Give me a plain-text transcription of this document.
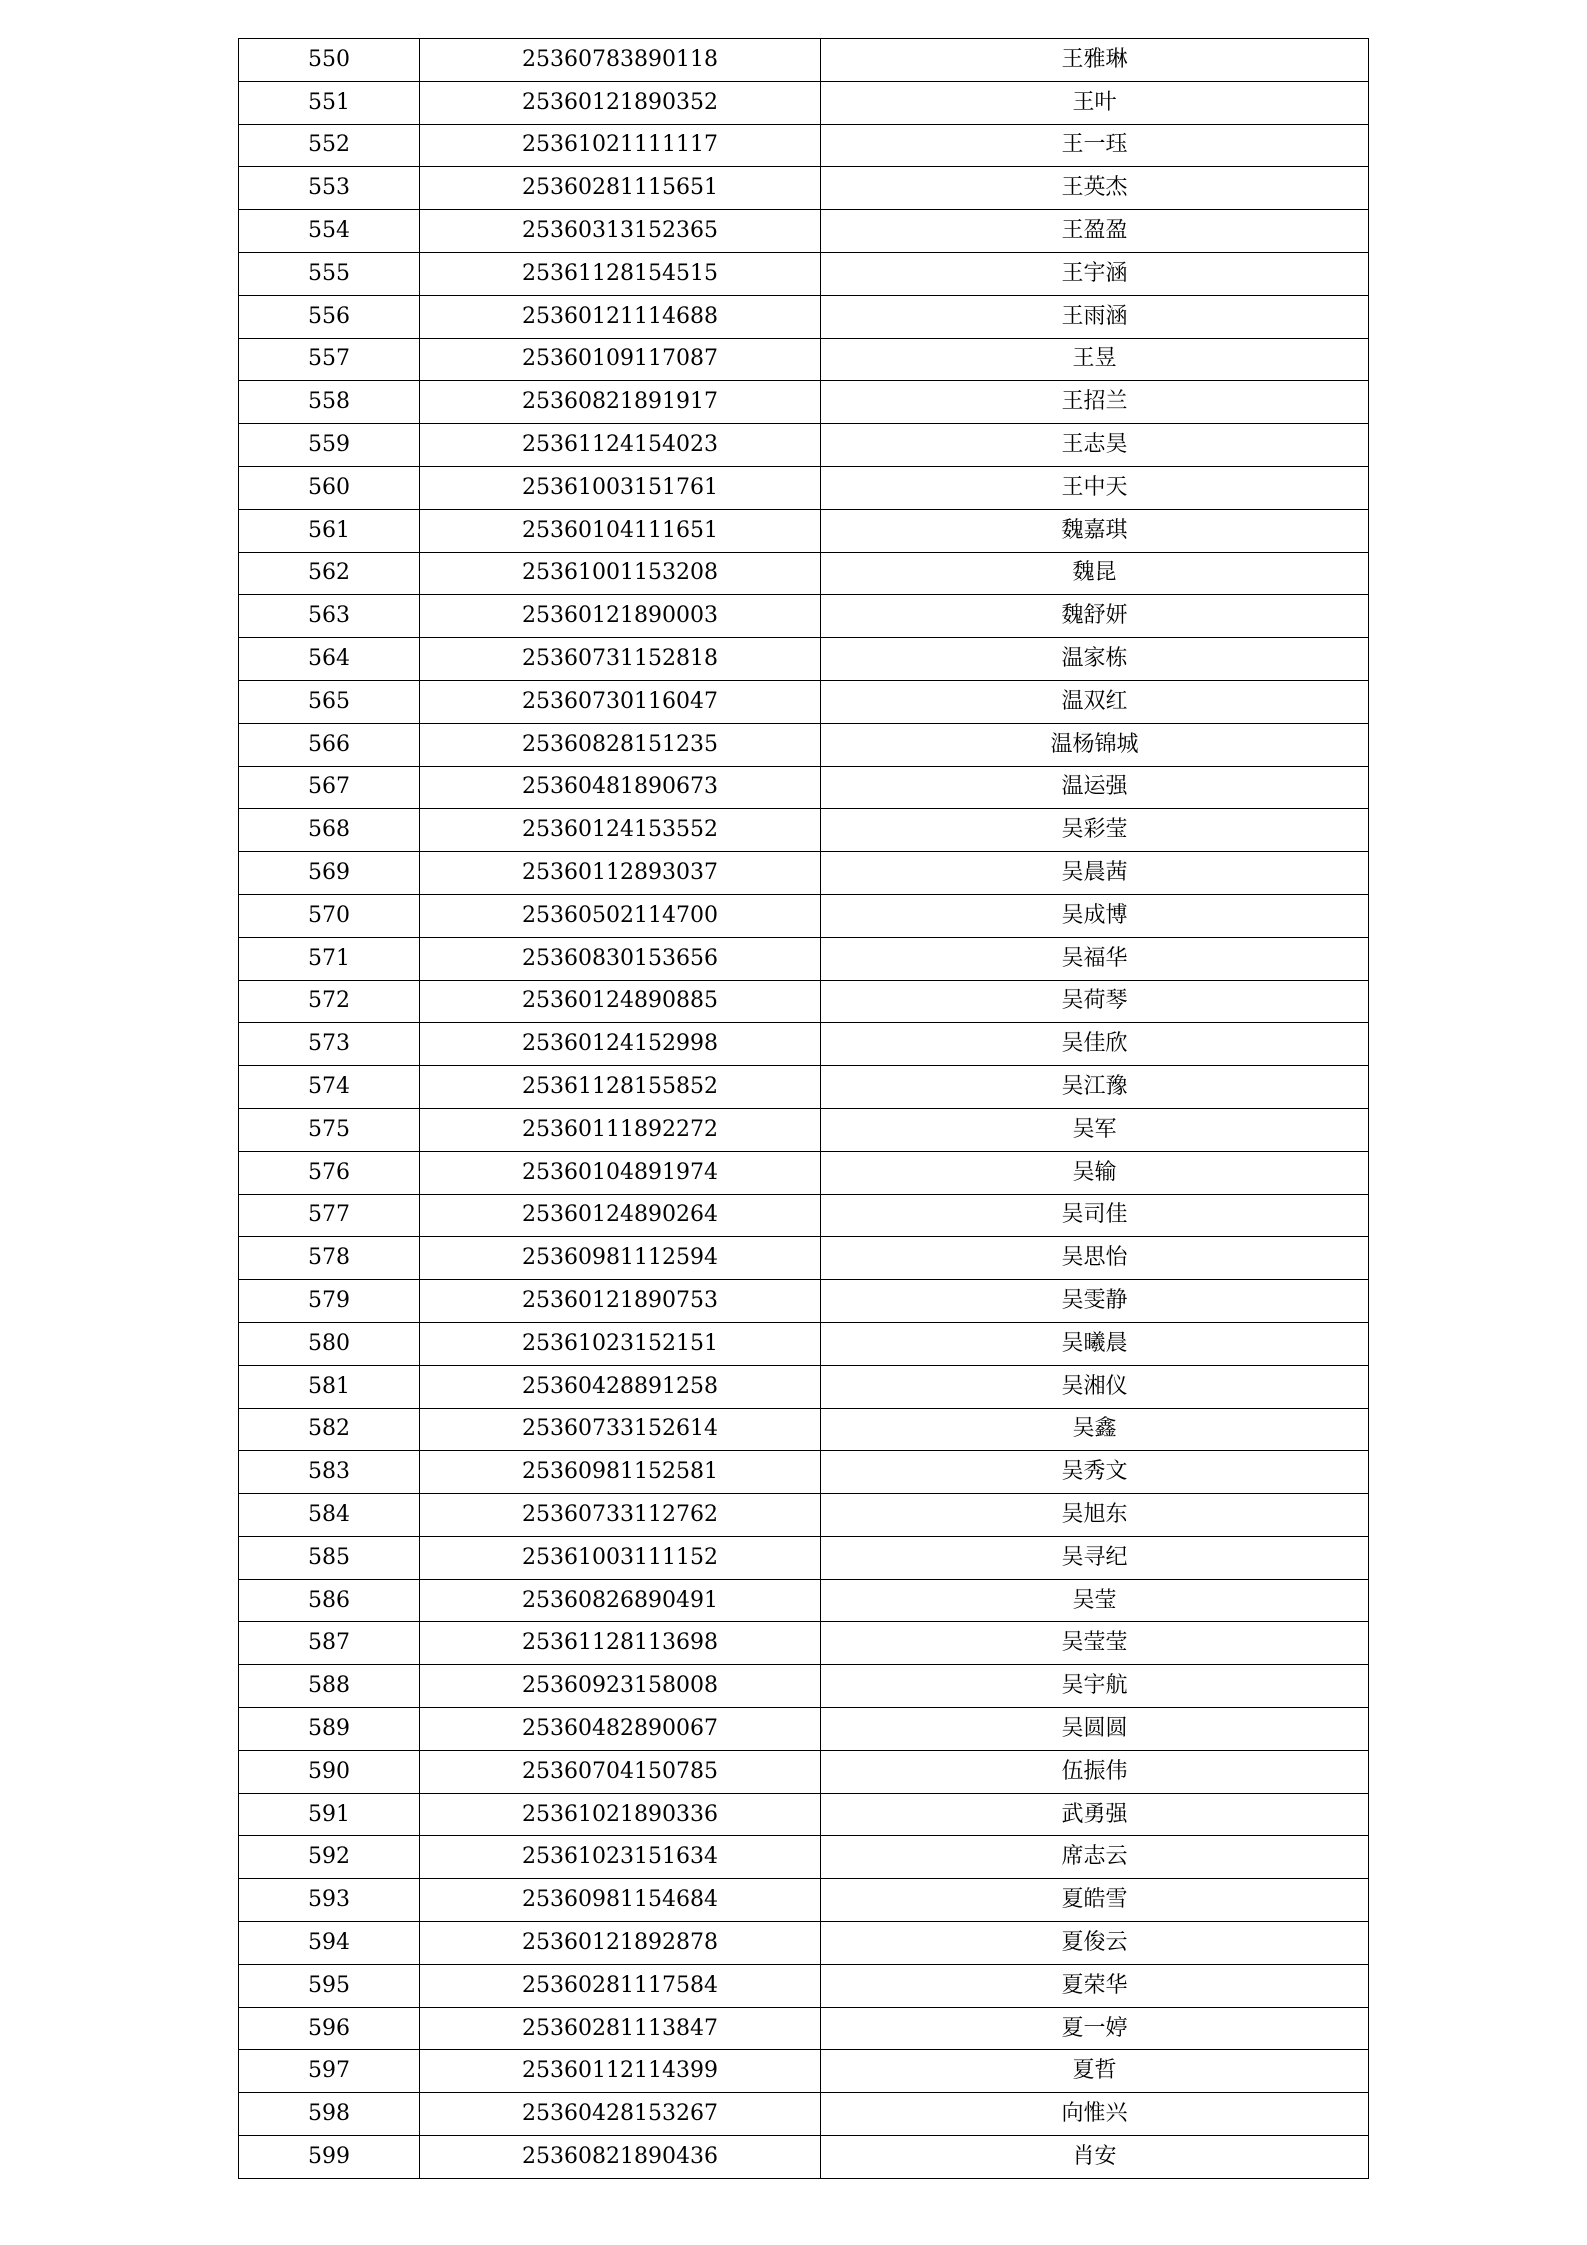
550	25360783890118	王雅琳
551	25360121890352	王叶
552	25361021111117	王一珏
553	25360281115651	王英杰
554	25360313152365	王盈盈
555	25361128154515	王宇涵
556	25360121114688	王雨涵
557	25360109117087	王昱
558	25360821891917	王招兰
559	25361124154023	王志昊
560	25361003151761	王中天
561	25360104111651	魏嘉琪
562	25361001153208	魏昆
563	25360121890003	魏舒妍
564	25360731152818	温家栋
565	25360730116047	温双红
566	25360828151235	温杨锦城
567	25360481890673	温运强
568	25360124153552	吴彩莹
569	25360112893037	吴晨茜
570	25360502114700	吴成博
571	25360830153656	吴福华
572	25360124890885	吴荷琴
573	25360124152998	吴佳欣
574	25361128155852	吴江豫
575	25360111892272	吴军
576	25360104891974	吴输
577	25360124890264	吴司佳
578	25360981112594	吴思怡
579	25360121890753	吴雯静
580	25361023152151	吴曦晨
581	25360428891258	吴湘仪
582	25360733152614	吴鑫
583	25360981152581	吴秀文
584	25360733112762	吴旭东
585	25361003111152	吴寻纪
586	25360826890491	吴莹
587	25361128113698	吴莹莹
588	25360923158008	吴宇航
589	25360482890067	吴圆圆
590	25360704150785	伍振伟
591	25361021890336	武勇强
592	25361023151634	席志云
593	25360981154684	夏皓雪
594	25360121892878	夏俊云
595	25360281117584	夏荣华
596	25360281113847	夏一婷
597	25360112114399	夏哲
598	25360428153267	向惟兴
599	25360821890436	肖安
